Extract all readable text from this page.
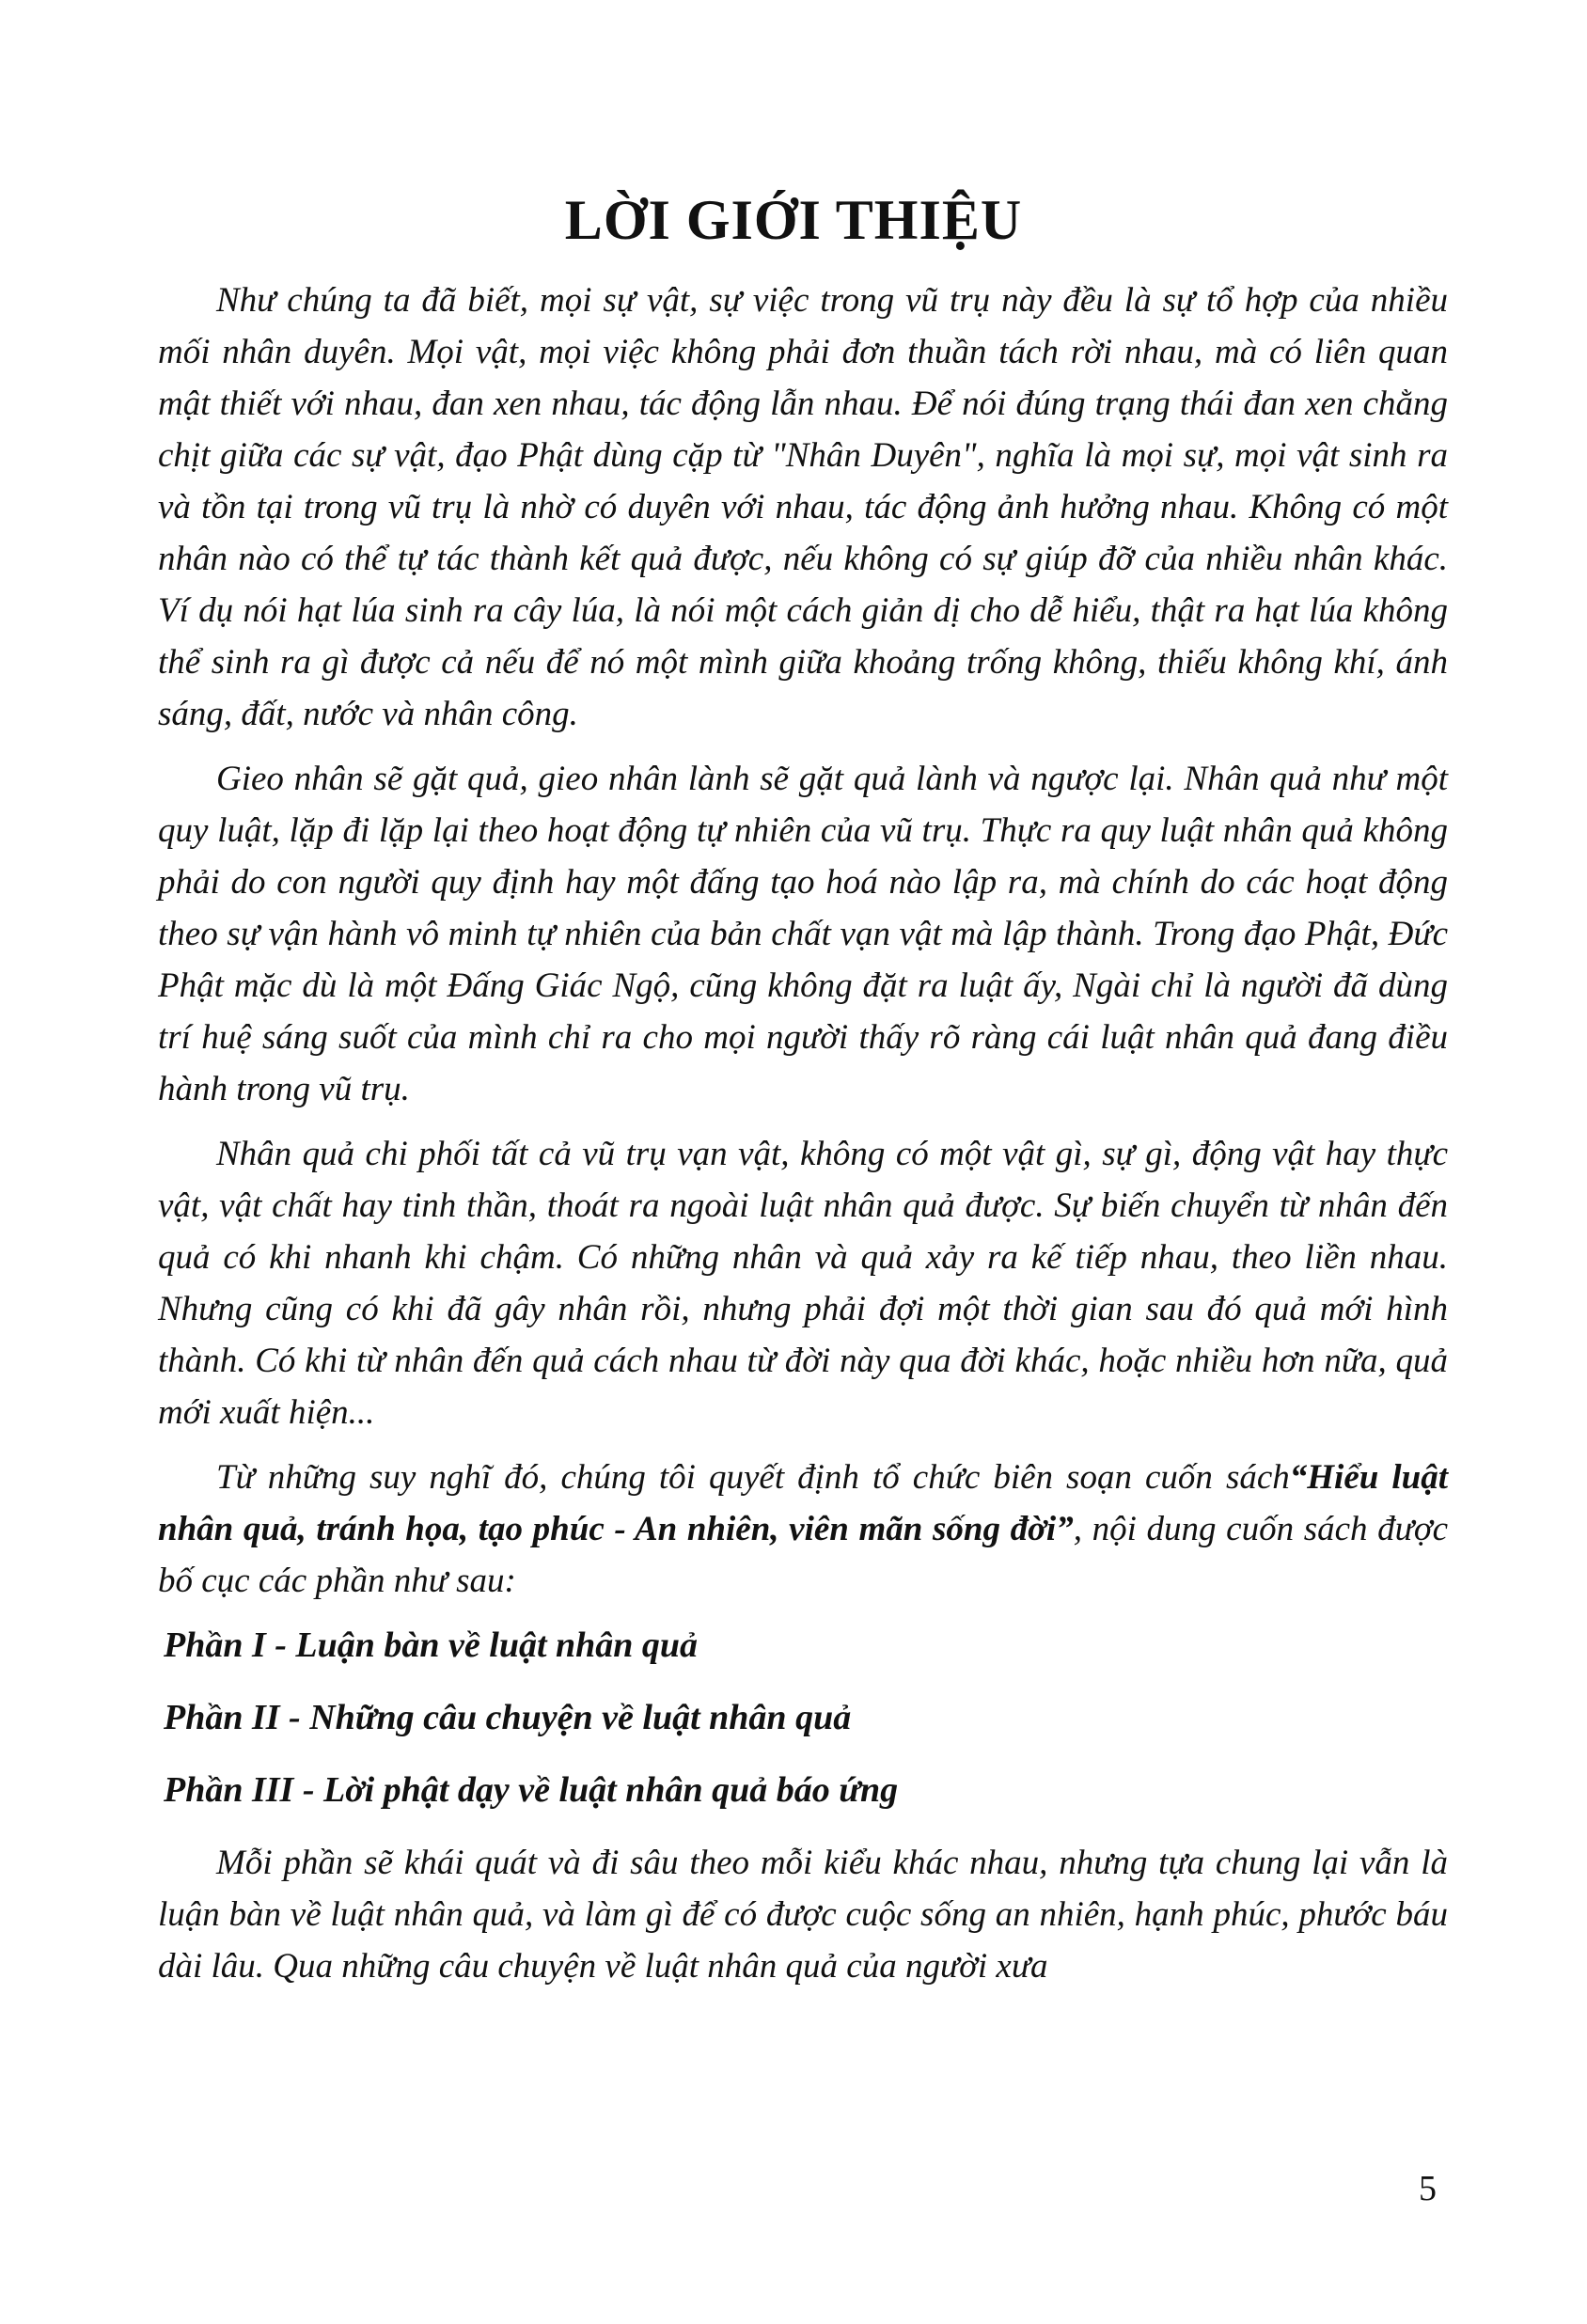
LỜI GIỚI THIỆU

Như chúng ta đã biết, mọi sự vật, sự việc trong vũ trụ này đều là sự tổ hợp của nhiều mối nhân duyên. Mọi vật, mọi việc không phải đơn thuần tách rời nhau, mà có liên quan mật thiết với nhau, đan xen nhau, tác động lẫn nhau. Để nói đúng trạng thái đan xen chằng chịt giữa các sự vật, đạo Phật dùng cặp từ "Nhân Duyên", nghĩa là mọi sự, mọi vật sinh ra và tồn tại trong vũ trụ là nhờ có duyên với nhau, tác động ảnh hưởng nhau. Không có một nhân nào có thể tự tác thành kết quả được, nếu không có sự giúp đỡ của nhiều nhân khác. Ví dụ nói hạt lúa sinh ra cây lúa, là nói một cách giản dị cho dễ hiểu, thật ra hạt lúa không thể sinh ra gì được cả nếu để nó một mình giữa khoảng trống không, thiếu không khí, ánh sáng, đất, nước và nhân công.

Gieo nhân sẽ gặt quả, gieo nhân lành sẽ gặt quả lành và ngược lại. Nhân quả như một quy luật, lặp đi lặp lại theo hoạt động tự nhiên của vũ trụ. Thực ra quy luật nhân quả không phải do con người quy định hay một đấng tạo hoá nào lập ra, mà chính do các hoạt động theo sự vận hành vô minh tự nhiên của bản chất vạn vật mà lập thành. Trong đạo Phật, Đức Phật mặc dù là một Đấng Giác Ngộ, cũng không đặt ra luật ấy, Ngài chỉ là người đã dùng trí huệ sáng suốt của mình chỉ ra cho mọi người thấy rõ ràng cái luật nhân quả đang điều hành trong vũ trụ.

Nhân quả chi phối tất cả vũ trụ vạn vật, không có một vật gì, sự gì, động vật hay thực vật, vật chất hay tinh thần, thoát ra ngoài luật nhân quả được. Sự biến chuyển từ nhân đến quả có khi nhanh khi chậm. Có những nhân và quả xảy ra kế tiếp nhau, theo liền nhau. Nhưng cũng có khi đã gây nhân rồi, nhưng phải đợi một thời gian sau đó quả mới hình thành. Có khi từ nhân đến quả cách nhau từ đời này qua đời khác, hoặc nhiều hơn nữa, quả mới xuất hiện...

Từ những suy nghĩ đó, chúng tôi quyết định tổ chức biên soạn cuốn sách“Hiểu luật nhân quả, tránh họa, tạo phúc - An nhiên, viên mãn sống đời”, nội dung cuốn sách được bố cục các phần như sau:

Phần I - Luận bàn về luật nhân quả
Phần II - Những câu chuyện về luật nhân quả
Phần III - Lời phật dạy về luật nhân quả báo ứng

Mỗi phần sẽ khái quát và đi sâu theo mỗi kiểu khác nhau, nhưng tựa chung lại vẫn là luận bàn về luật nhân quả, và làm gì để có được cuộc sống an nhiên, hạnh phúc, phước báu dài lâu. Qua những câu chuyện về luật nhân quả của người xưa

5
